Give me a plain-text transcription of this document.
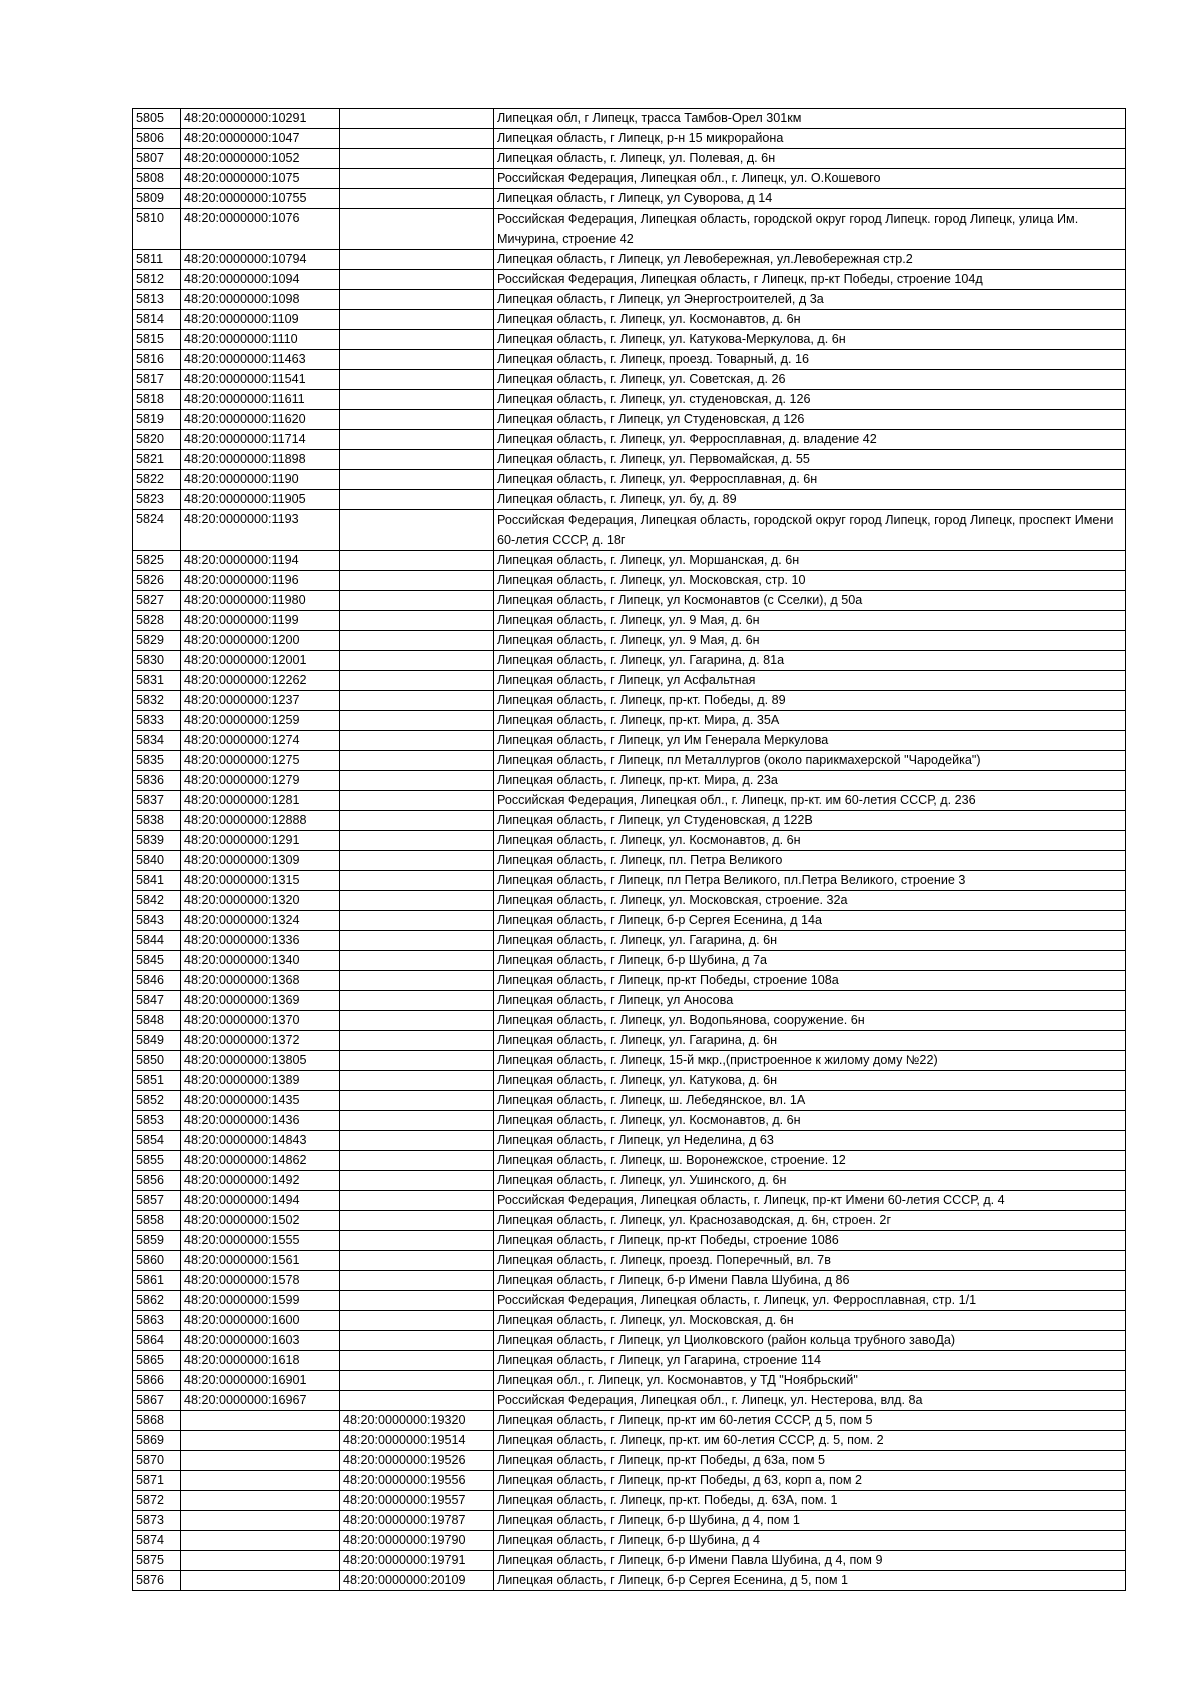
5805	48:20:0000000:10291		Липецкая обл, г Липецк, трасса Тамбов-Орел 301км
5806	48:20:0000000:1047		Липецкая область, г Липецк, р-н 15 микрорайона
5807	48:20:0000000:1052		Липецкая область, г. Липецк, ул. Полевая, д. 6н
5808	48:20:0000000:1075		Российская Федерация, Липецкая обл., г. Липецк, ул. О.Кошевого
5809	48:20:0000000:10755		Липецкая область, г Липецк, ул Суворова, д 14
5810	48:20:0000000:1076		Российская Федерация, Липецкая область, городской округ город Липецк. город Липецк, улица Им. Мичурина, строение 42
5811	48:20:0000000:10794		Липецкая область, г Липецк, ул Левобережная, ул.Левобережная стр.2
5812	48:20:0000000:1094		Российская Федерация, Липецкая область, г Липецк, пр-кт Победы, строение 104д
5813	48:20:0000000:1098		Липецкая область, г Липецк, ул Энергостроителей, д 3а
5814	48:20:0000000:1109		Липецкая область, г. Липецк, ул. Космонавтов, д. 6н
5815	48:20:0000000:1110		Липецкая область, г. Липецк, ул. Катукова-Меркулова, д. 6н
5816	48:20:0000000:11463		Липецкая область, г. Липецк, проезд. Товарный, д. 16
5817	48:20:0000000:11541		Липецкая область, г. Липецк, ул. Советская, д. 26
5818	48:20:0000000:11611		Липецкая область, г. Липецк, ул. студеновская, д. 126
5819	48:20:0000000:11620		Липецкая область, г Липецк, ул Студеновская, д 126
5820	48:20:0000000:11714		Липецкая область, г. Липецк, ул. Ферросплавная, д. владение 42
5821	48:20:0000000:11898		Липецкая область, г. Липецк, ул. Первомайская, д. 55
5822	48:20:0000000:1190		Липецкая область, г. Липецк, ул. Ферросплавная, д. 6н
5823	48:20:0000000:11905		Липецкая область, г. Липецк, ул. бу, д. 89
5824	48:20:0000000:1193		Российская Федерация, Липецкая область, городской округ город Липецк, город Липецк, проспект Имени 60-летия СССР, д. 18г
5825	48:20:0000000:1194		Липецкая область, г. Липецк, ул. Моршанская, д. 6н
5826	48:20:0000000:1196		Липецкая область, г. Липецк, ул. Московская, стр. 10
5827	48:20:0000000:11980		Липецкая область, г Липецк, ул Космонавтов (с Сселки), д 50а
5828	48:20:0000000:1199		Липецкая область, г. Липецк, ул. 9 Мая, д. 6н
5829	48:20:0000000:1200		Липецкая область, г. Липецк, ул. 9 Мая, д. 6н
5830	48:20:0000000:12001		Липецкая область, г. Липецк, ул. Гагарина, д. 81а
5831	48:20:0000000:12262		Липецкая область, г Липецк, ул Асфальтная
5832	48:20:0000000:1237		Липецкая область, г. Липецк, пр-кт. Победы, д. 89
5833	48:20:0000000:1259		Липецкая область, г. Липецк, пр-кт. Мира, д. 35А
5834	48:20:0000000:1274		Липецкая область, г Липецк, ул Им Генерала Меркулова
5835	48:20:0000000:1275		Липецкая область, г Липецк, пл Металлургов (около парикмахерской "Чародейка")
5836	48:20:0000000:1279		Липецкая область, г. Липецк, пр-кт. Мира, д. 23а
5837	48:20:0000000:1281		Российская Федерация, Липецкая обл., г. Липецк, пр-кт. им 60-летия СССР, д. 236
5838	48:20:0000000:12888		Липецкая область, г Липецк, ул Студеновская, д 122В
5839	48:20:0000000:1291		Липецкая область, г. Липецк, ул. Космонавтов, д. 6н
5840	48:20:0000000:1309		Липецкая область, г. Липецк, пл. Петра Великого
5841	48:20:0000000:1315		Липецкая область, г Липецк, пл Петра Великого, пл.Петра Великого, строение 3
5842	48:20:0000000:1320		Липецкая область, г. Липецк, ул. Московская, строение. 32а
5843	48:20:0000000:1324		Липецкая область, г Липецк, б-р Сергея Есенина, д 14а
5844	48:20:0000000:1336		Липецкая область, г. Липецк, ул. Гагарина, д. 6н
5845	48:20:0000000:1340		Липецкая область, г Липецк, б-р Шубина, д 7а
5846	48:20:0000000:1368		Липецкая область, г Липецк, пр-кт Победы, строение 108а
5847	48:20:0000000:1369		Липецкая область, г Липецк, ул Аносова
5848	48:20:0000000:1370		Липецкая область, г. Липецк, ул. Водопьянова, сооружение. 6н
5849	48:20:0000000:1372		Липецкая область, г. Липецк, ул. Гагарина, д. 6н
5850	48:20:0000000:13805		Липецкая область, г. Липецк, 15-й мкр.,(пристроенное к жилому дому №22)
5851	48:20:0000000:1389		Липецкая область, г. Липецк, ул. Катукова, д. 6н
5852	48:20:0000000:1435		Липецкая область, г. Липецк, ш. Лебедянское, вл. 1А
5853	48:20:0000000:1436		Липецкая область, г. Липецк, ул. Космонавтов, д. 6н
5854	48:20:0000000:14843		Липецкая область, г Липецк, ул Неделина, д 63
5855	48:20:0000000:14862		Липецкая область, г. Липецк, ш. Воронежское, строение. 12
5856	48:20:0000000:1492		Липецкая область, г. Липецк, ул. Ушинского, д. 6н
5857	48:20:0000000:1494		Российская Федерация, Липецкая область, г. Липецк, пр-кт Имени 60-летия СССР, д. 4
5858	48:20:0000000:1502		Липецкая область, г. Липецк, ул. Краснозаводская, д. 6н, строен. 2г
5859	48:20:0000000:1555		Липецкая область, г Липецк, пр-кт Победы, строение 1086
5860	48:20:0000000:1561		Липецкая область, г. Липецк, проезд. Поперечный, вл. 7в
5861	48:20:0000000:1578		Липецкая область, г Липецк, б-р Имени Павла Шубина, д 86
5862	48:20:0000000:1599		Российская Федерация, Липецкая область, г. Липецк, ул. Ферросплавная, стр. 1/1
5863	48:20:0000000:1600		Липецкая область, г. Липецк, ул. Московская, д. 6н
5864	48:20:0000000:1603		Липецкая область, г Липецк, ул Циолковского (район кольца трубного завоДа)
5865	48:20:0000000:1618		Липецкая область, г Липецк, ул Гагарина, строение 114
5866	48:20:0000000:16901		Липецкая обл., г. Липецк, ул. Космонавтов, у ТД "Ноябрьский"
5867	48:20:0000000:16967		Российская Федерация, Липецкая обл., г. Липецк, ул. Нестерова, влд. 8а
5868		48:20:0000000:19320	Липецкая область, г Липецк, пр-кт им 60-летия СССР, д 5, пом 5
5869		48:20:0000000:19514	Липецкая область, г. Липецк, пр-кт. им 60-летия СССР, д. 5, пом. 2
5870		48:20:0000000:19526	Липецкая область, г Липецк, пр-кт Победы, д 63а, пом 5
5871		48:20:0000000:19556	Липецкая область, г Липецк, пр-кт Победы, д 63, корп а, пом 2
5872		48:20:0000000:19557	Липецкая область, г. Липецк, пр-кт. Победы, д. 63А, пом. 1
5873		48:20:0000000:19787	Липецкая область, г Липецк, б-р Шубина, д 4, пом 1
5874		48:20:0000000:19790	Липецкая область, г Липецк, б-р Шубина, д 4
5875		48:20:0000000:19791	Липецкая область, г Липецк, б-р Имени Павла Шубина, д 4, пом 9
5876		48:20:0000000:20109	Липецкая область, г Липецк, б-р Сергея Есенина, д 5, пом 1
